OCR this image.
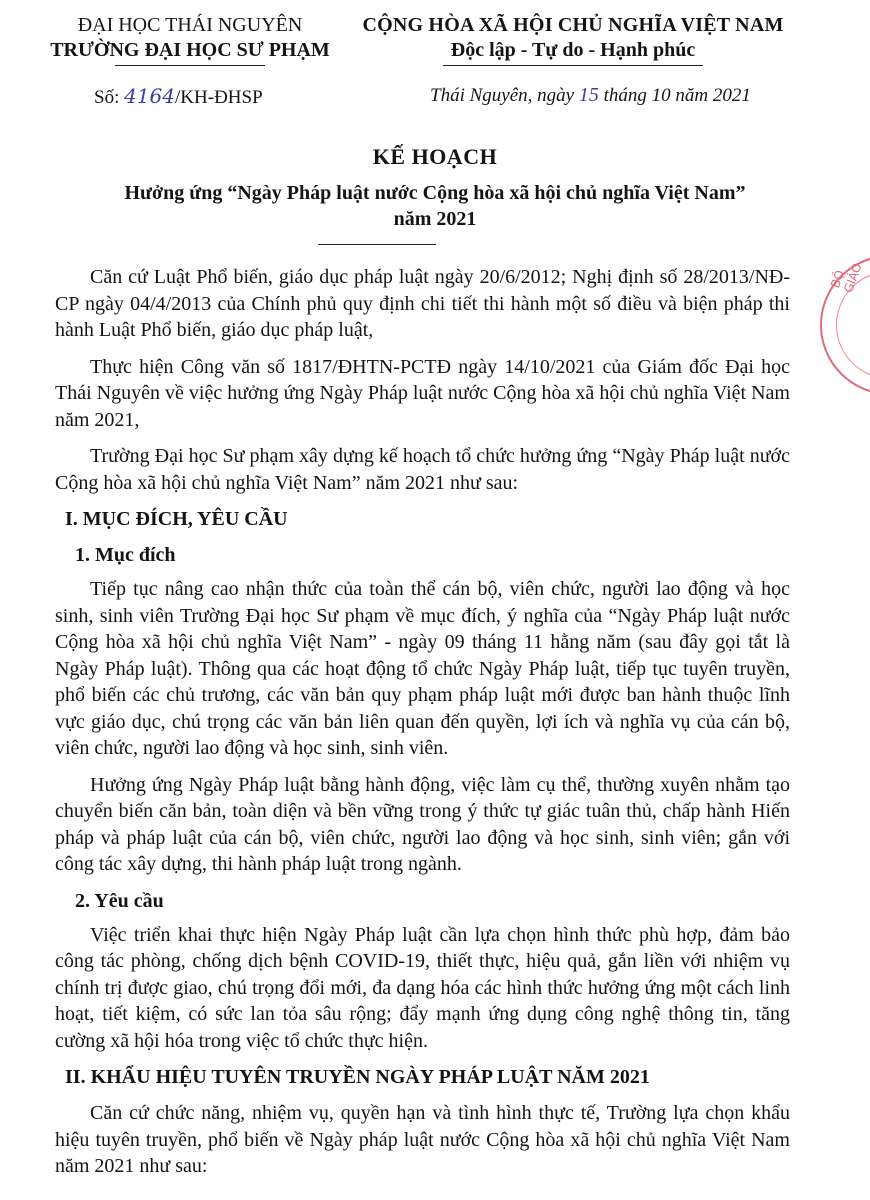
ĐẠI HỌC THÁI NGUYÊN
TRƯỜNG ĐẠI HỌC SƯ PHẠM
CỘNG HÒA XÃ HỘI CHỦ NGHĨA VIỆT NAM
Độc lập - Tự do - Hạnh phúc
Số: 4164/KH-ĐHSP	Thái Nguyên, ngày 15 tháng 10 năm 2021
KẾ HOẠCH
Hưởng ứng “Ngày Pháp luật nước Cộng hòa xã hội chủ nghĩa Việt Nam”
năm 2021

Căn cứ Luật Phổ biến, giáo dục pháp luật ngày 20/6/2012; Nghị định số 28/2013/NĐ-CP ngày 04/4/2013 của Chính phủ quy định chi tiết thi hành một số điều và biện pháp thi hành Luật Phổ biến, giáo dục pháp luật,

Thực hiện Công văn số 1817/ĐHTN-PCTĐ ngày 14/10/2021 của Giám đốc Đại học Thái Nguyên về việc hưởng ứng Ngày Pháp luật nước Cộng hòa xã hội chủ nghĩa Việt Nam năm 2021,

Trường Đại học Sư phạm xây dựng kế hoạch tổ chức hưởng ứng “Ngày Pháp luật nước Cộng hòa xã hội chủ nghĩa Việt Nam” năm 2021 như sau:

I. MỤC ĐÍCH, YÊU CẦU
1. Mục đích

Tiếp tục nâng cao nhận thức của toàn thể cán bộ, viên chức, người lao động và học sinh, sinh viên Trường Đại học Sư phạm về mục đích, ý nghĩa của “Ngày Pháp luật nước Cộng hòa xã hội chủ nghĩa Việt Nam” - ngày 09 tháng 11 hằng năm (sau đây gọi tắt là Ngày Pháp luật). Thông qua các hoạt động tổ chức Ngày Pháp luật, tiếp tục tuyên truyền, phổ biến các chủ trương, các văn bản quy phạm pháp luật mới được ban hành thuộc lĩnh vực giáo dục, chú trọng các văn bản liên quan đến quyền, lợi ích và nghĩa vụ của cán bộ, viên chức, người lao động và học sinh, sinh viên.

Hưởng ứng Ngày Pháp luật bằng hành động, việc làm cụ thể, thường xuyên nhằm tạo chuyển biến căn bản, toàn diện và bền vững trong ý thức tự giác tuân thủ, chấp hành Hiến pháp và pháp luật của cán bộ, viên chức, người lao động và học sinh, sinh viên; gắn với công tác xây dựng, thi hành pháp luật trong ngành.

2. Yêu cầu

Việc triển khai thực hiện Ngày Pháp luật cần lựa chọn hình thức phù hợp, đảm bảo công tác phòng, chống dịch bệnh COVID-19, thiết thực, hiệu quả, gắn liền với nhiệm vụ chính trị được giao, chú trọng đổi mới, đa dạng hóa các hình thức hưởng ứng một cách linh hoạt, tiết kiệm, có sức lan tỏa sâu rộng; đẩy mạnh ứng dụng công nghệ thông tin, tăng cường xã hội hóa trong việc tổ chức thực hiện.

II. KHẨU HIỆU TUYÊN TRUYỀN NGÀY PHÁP LUẬT NĂM 2021

Căn cứ chức năng, nhiệm vụ, quyền hạn và tình hình thực tế, Trường lựa chọn khẩu hiệu tuyên truyền, phổ biến về Ngày pháp luật nước Cộng hòa xã hội chủ nghĩa Việt Nam năm 2021 như sau:

BỘ GIÁO
